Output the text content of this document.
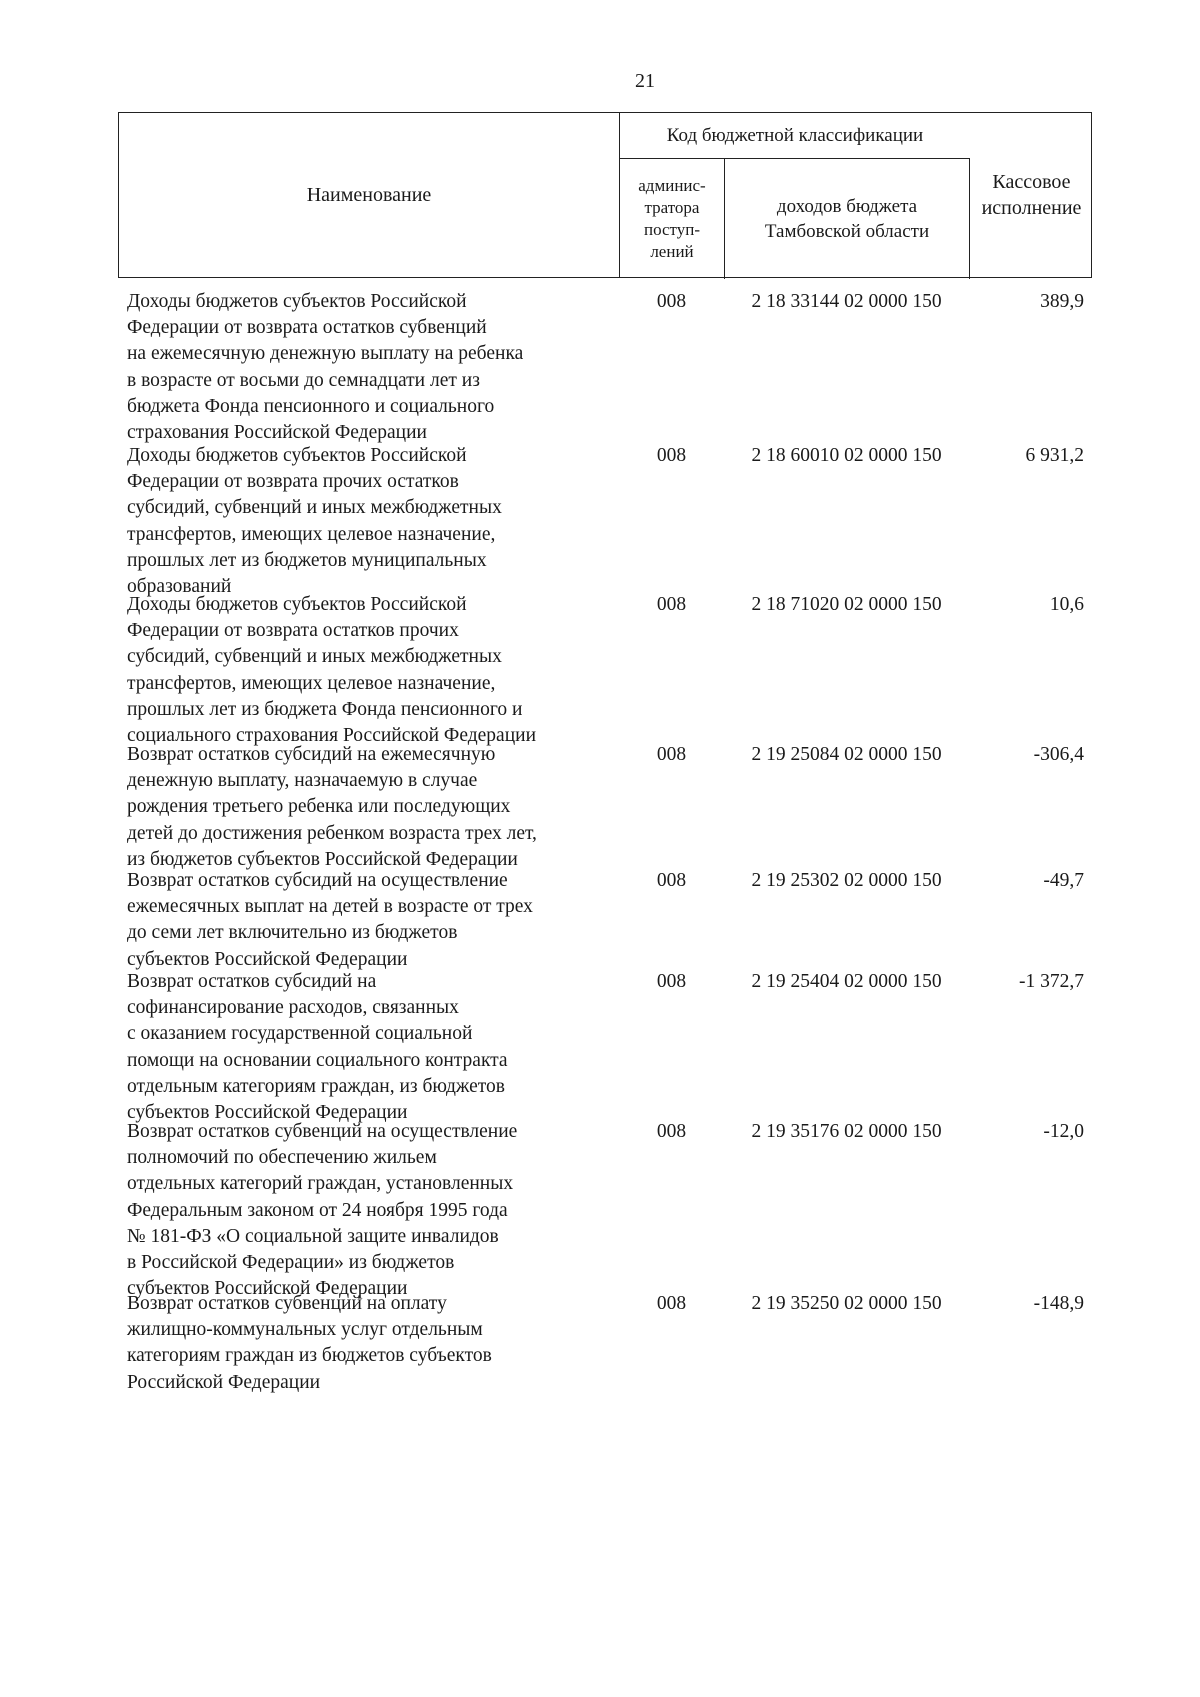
21
Наименование
Код бюджетной классификации
админис-
тратора
поступ-
лений
доходов бюджета
Тамбовской области
Кассовое
исполнение
Доходы бюджетов субъектов Российской
Федерации от возврата остатков субвенций
на ежемесячную денежную выплату на ребенка
в возрасте от восьми до семнадцати лет из
бюджета Фонда пенсионного и социального
страхования Российской Федерации
008	2 18 33144 02 0000 150	389,9
Доходы бюджетов субъектов Российской
Федерации от возврата прочих остатков
субсидий, субвенций и иных межбюджетных
трансфертов, имеющих целевое назначение,
прошлых лет из бюджетов муниципальных
образований
008	2 18 60010 02 0000 150	6 931,2
Доходы бюджетов субъектов Российской
Федерации от возврата остатков прочих
субсидий, субвенций и иных межбюджетных
трансфертов, имеющих целевое назначение,
прошлых лет из бюджета Фонда пенсионного и
социального страхования Российской Федерации
008	2 18 71020 02 0000 150	10,6
Возврат остатков субсидий на ежемесячную
денежную выплату, назначаемую в случае
рождения третьего ребенка или последующих
детей до достижения ребенком возраста трех лет,
из бюджетов субъектов Российской Федерации
008	2 19 25084 02 0000 150	-306,4
Возврат остатков субсидий на осуществление
ежемесячных выплат на детей в возрасте от трех
до семи лет включительно из бюджетов
субъектов Российской Федерации
008	2 19 25302 02 0000 150	-49,7
Возврат остатков субсидий на
софинансирование расходов, связанных
с оказанием государственной социальной
помощи на основании социального контракта
отдельным категориям граждан, из бюджетов
субъектов Российской Федерации
008	2 19 25404 02 0000 150	-1 372,7
Возврат остатков субвенций на осуществление
полномочий по обеспечению жильем
отдельных категорий граждан, установленных
Федеральным законом от 24 ноября 1995 года
№ 181-ФЗ «О социальной защите инвалидов
в Российской Федерации» из бюджетов
субъектов Российской Федерации
008	2 19 35176 02 0000 150	-12,0
Возврат остатков субвенций на оплату
жилищно-коммунальных услуг отдельным
категориям граждан из бюджетов субъектов
Российской Федерации
008	2 19 35250 02 0000 150	-148,9
